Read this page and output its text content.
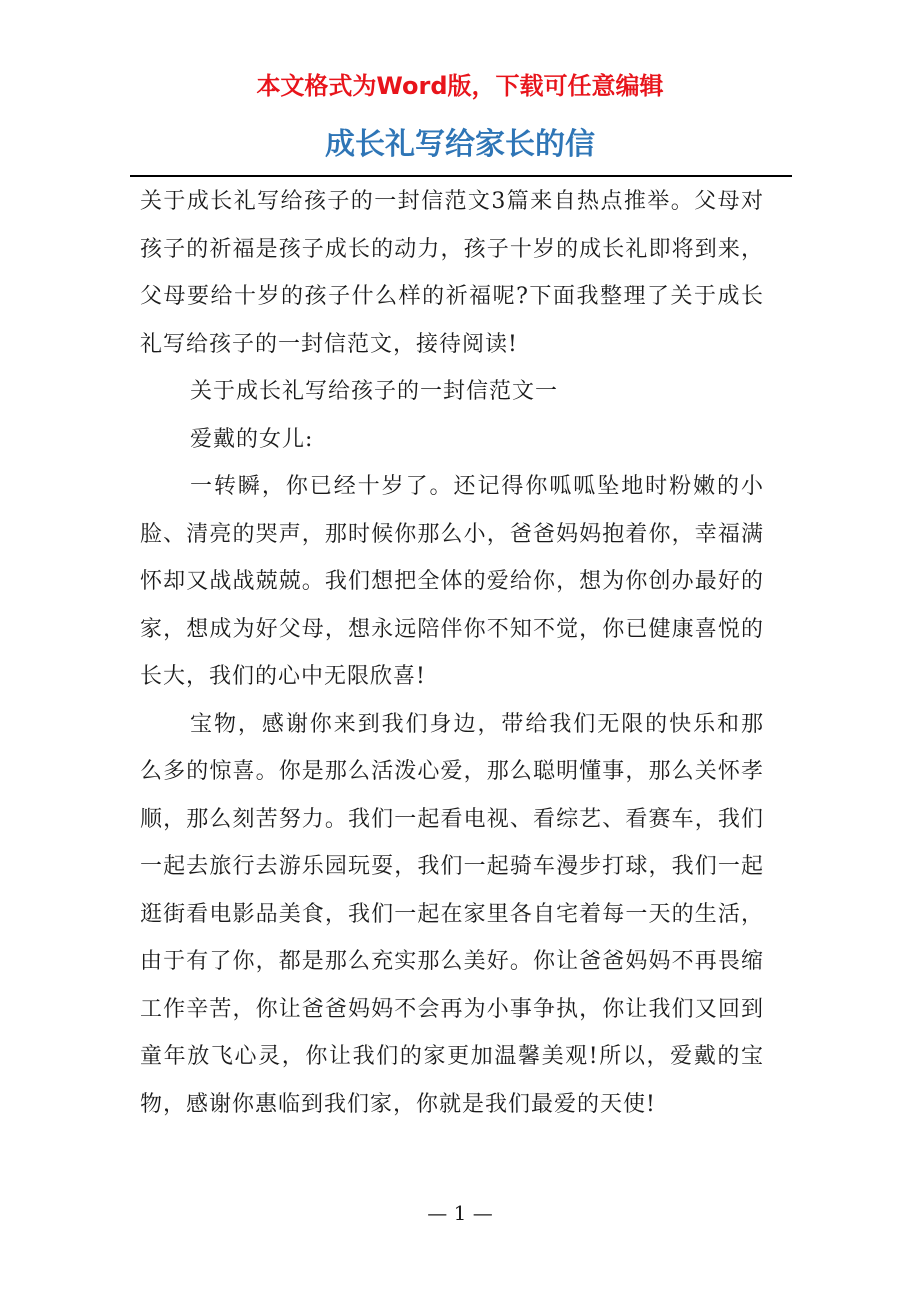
本文格式为Word版，下载可任意编辑
成长礼写给家长的信

关于成长礼写给孩子的一封信范文3篇来自热点推举。父母对孩子的祈福是孩子成长的动力，孩子十岁的成长礼即将到来，父母要给十岁的孩子什么样的祈福呢?下面我整理了关于成长礼写给孩子的一封信范文，接待阅读!

关于成长礼写给孩子的一封信范文一

爱戴的女儿:

一转瞬，你已经十岁了。还记得你呱呱坠地时粉嫩的小脸、清亮的哭声，那时候你那么小，爸爸妈妈抱着你，幸福满怀却又战战兢兢。我们想把全体的爱给你，想为你创办最好的家，想成为好父母，想永远陪伴你不知不觉，你已健康喜悦的长大，我们的心中无限欣喜!

宝物，感谢你来到我们身边，带给我们无限的快乐和那么多的惊喜。你是那么活泼心爱，那么聪明懂事，那么关怀孝顺，那么刻苦努力。我们一起看电视、看综艺、看赛车，我们一起去旅行去游乐园玩耍，我们一起骑车漫步打球，我们一起逛街看电影品美食，我们一起在家里各自宅着每一天的生活，由于有了你，都是那么充实那么美好。你让爸爸妈妈不再畏缩工作辛苦，你让爸爸妈妈不会再为小事争执，你让我们又回到童年放飞心灵，你让我们的家更加温馨美观!所以，爱戴的宝物，感谢你惠临到我们家，你就是我们最爱的天使!

— 1 —
